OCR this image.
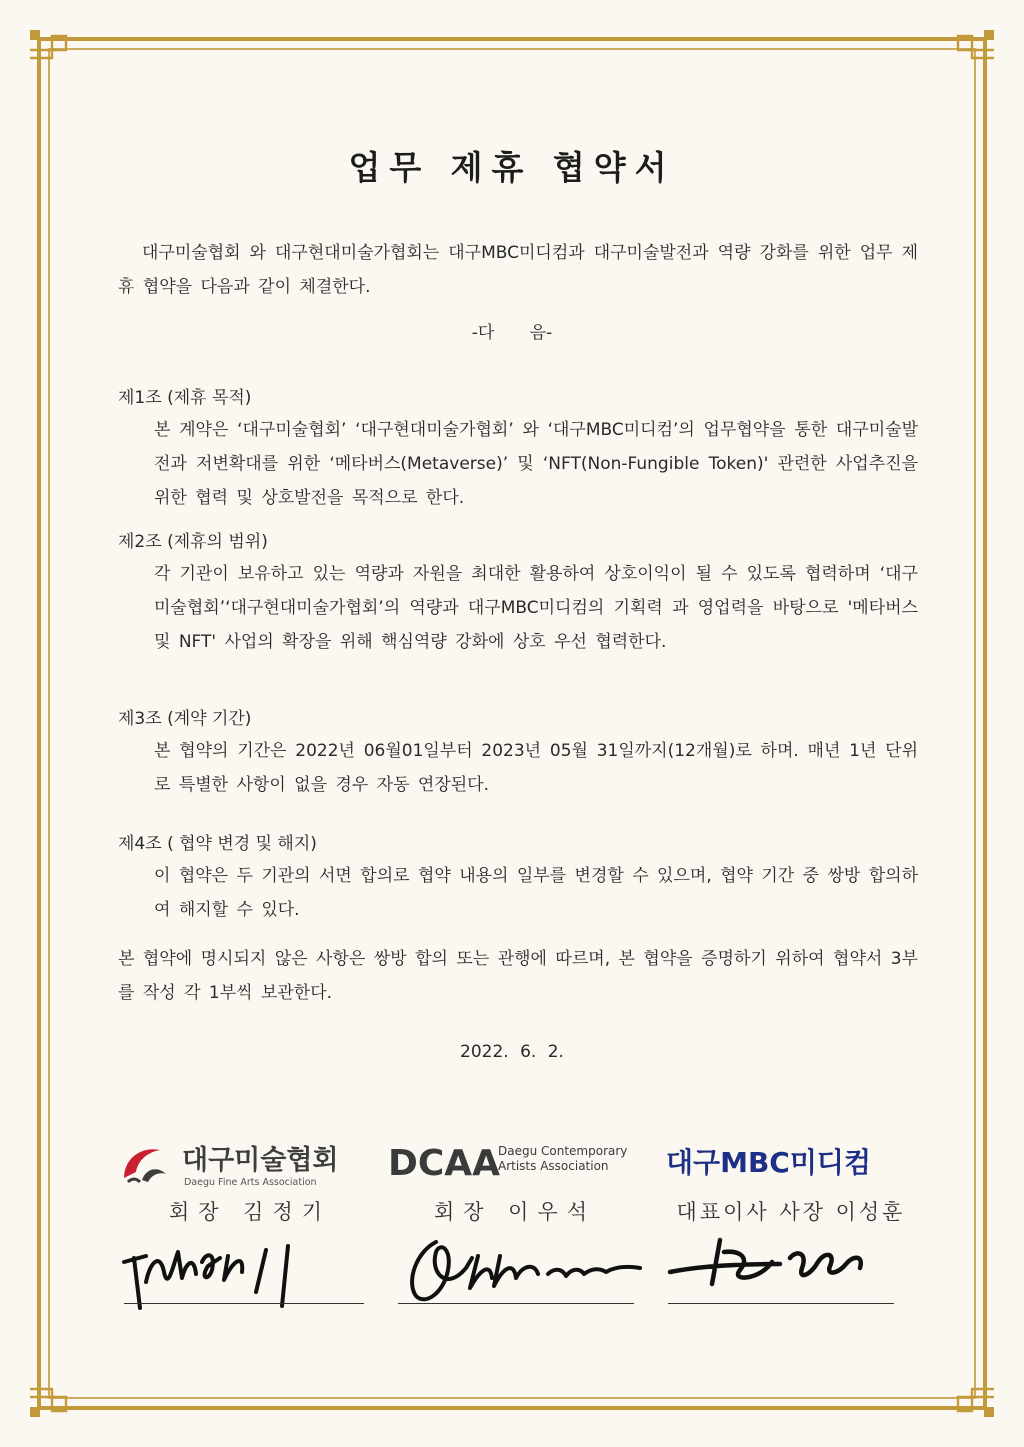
업무 제휴 협약서

대구미술협회 와 대구현대미술가협회는 대구MBC미디컴과 대구미술발전과 역량 강화를 위한 업무 제휴 협약을 다음과 같이 체결한다.

-다 음-

제1조 (제휴 목적)

본 계약은 ‘대구미술협회’ ‘대구현대미술가협회’ 와 ‘대구MBC미디컴’의 업무협약을 통한 대구미술발전과 저변확대를 위한 ‘메타버스(Metaverse)’ 및 ‘NFT(Non-Fungible Token)' 관련한 사업추진을 위한 협력 및 상호발전을 목적으로 한다.

제2조 (제휴의 범위)

각 기관이 보유하고 있는 역량과 자원을 최대한 활용하여 상호이익이 될 수 있도록 협력하며 ‘대구미술협회’‘대구현대미술가협회’의 역량과 대구MBC미디컴의 기획력 과 영업력을 바탕으로 '메타버스 및 NFT' 사업의 확장을 위해 핵심역량 강화에 상호 우선 협력한다.

제3조 (계약 기간)

본 협약의 기간은 2022년 06월01일부터 2023년 05월 31일까지(12개월)로 하며. 매년 1년 단위로 특별한 사항이 없을 경우 자동 연장된다.

제4조 ( 협약 변경 및 해지)

이 협약은 두 기관의 서면 합의로 협약 내용의 일부를 변경할 수 있으며, 협약 기간 중 쌍방 합의하여 해지할 수 있다.

본 협약에 명시되지 않은 사항은 쌍방 합의 또는 관행에 따르며, 본 협약을 증명하기 위하여 협약서 3부를 작성 각 1부씩 보관한다.

2022. 6. 2.
대구미술협회
Daegu Fine Arts Association DCAA
Daegu Contemporary Artists Association	대구MBC미디컴
회장 김정기	회장 이우석	대표이사 사장 이성훈
